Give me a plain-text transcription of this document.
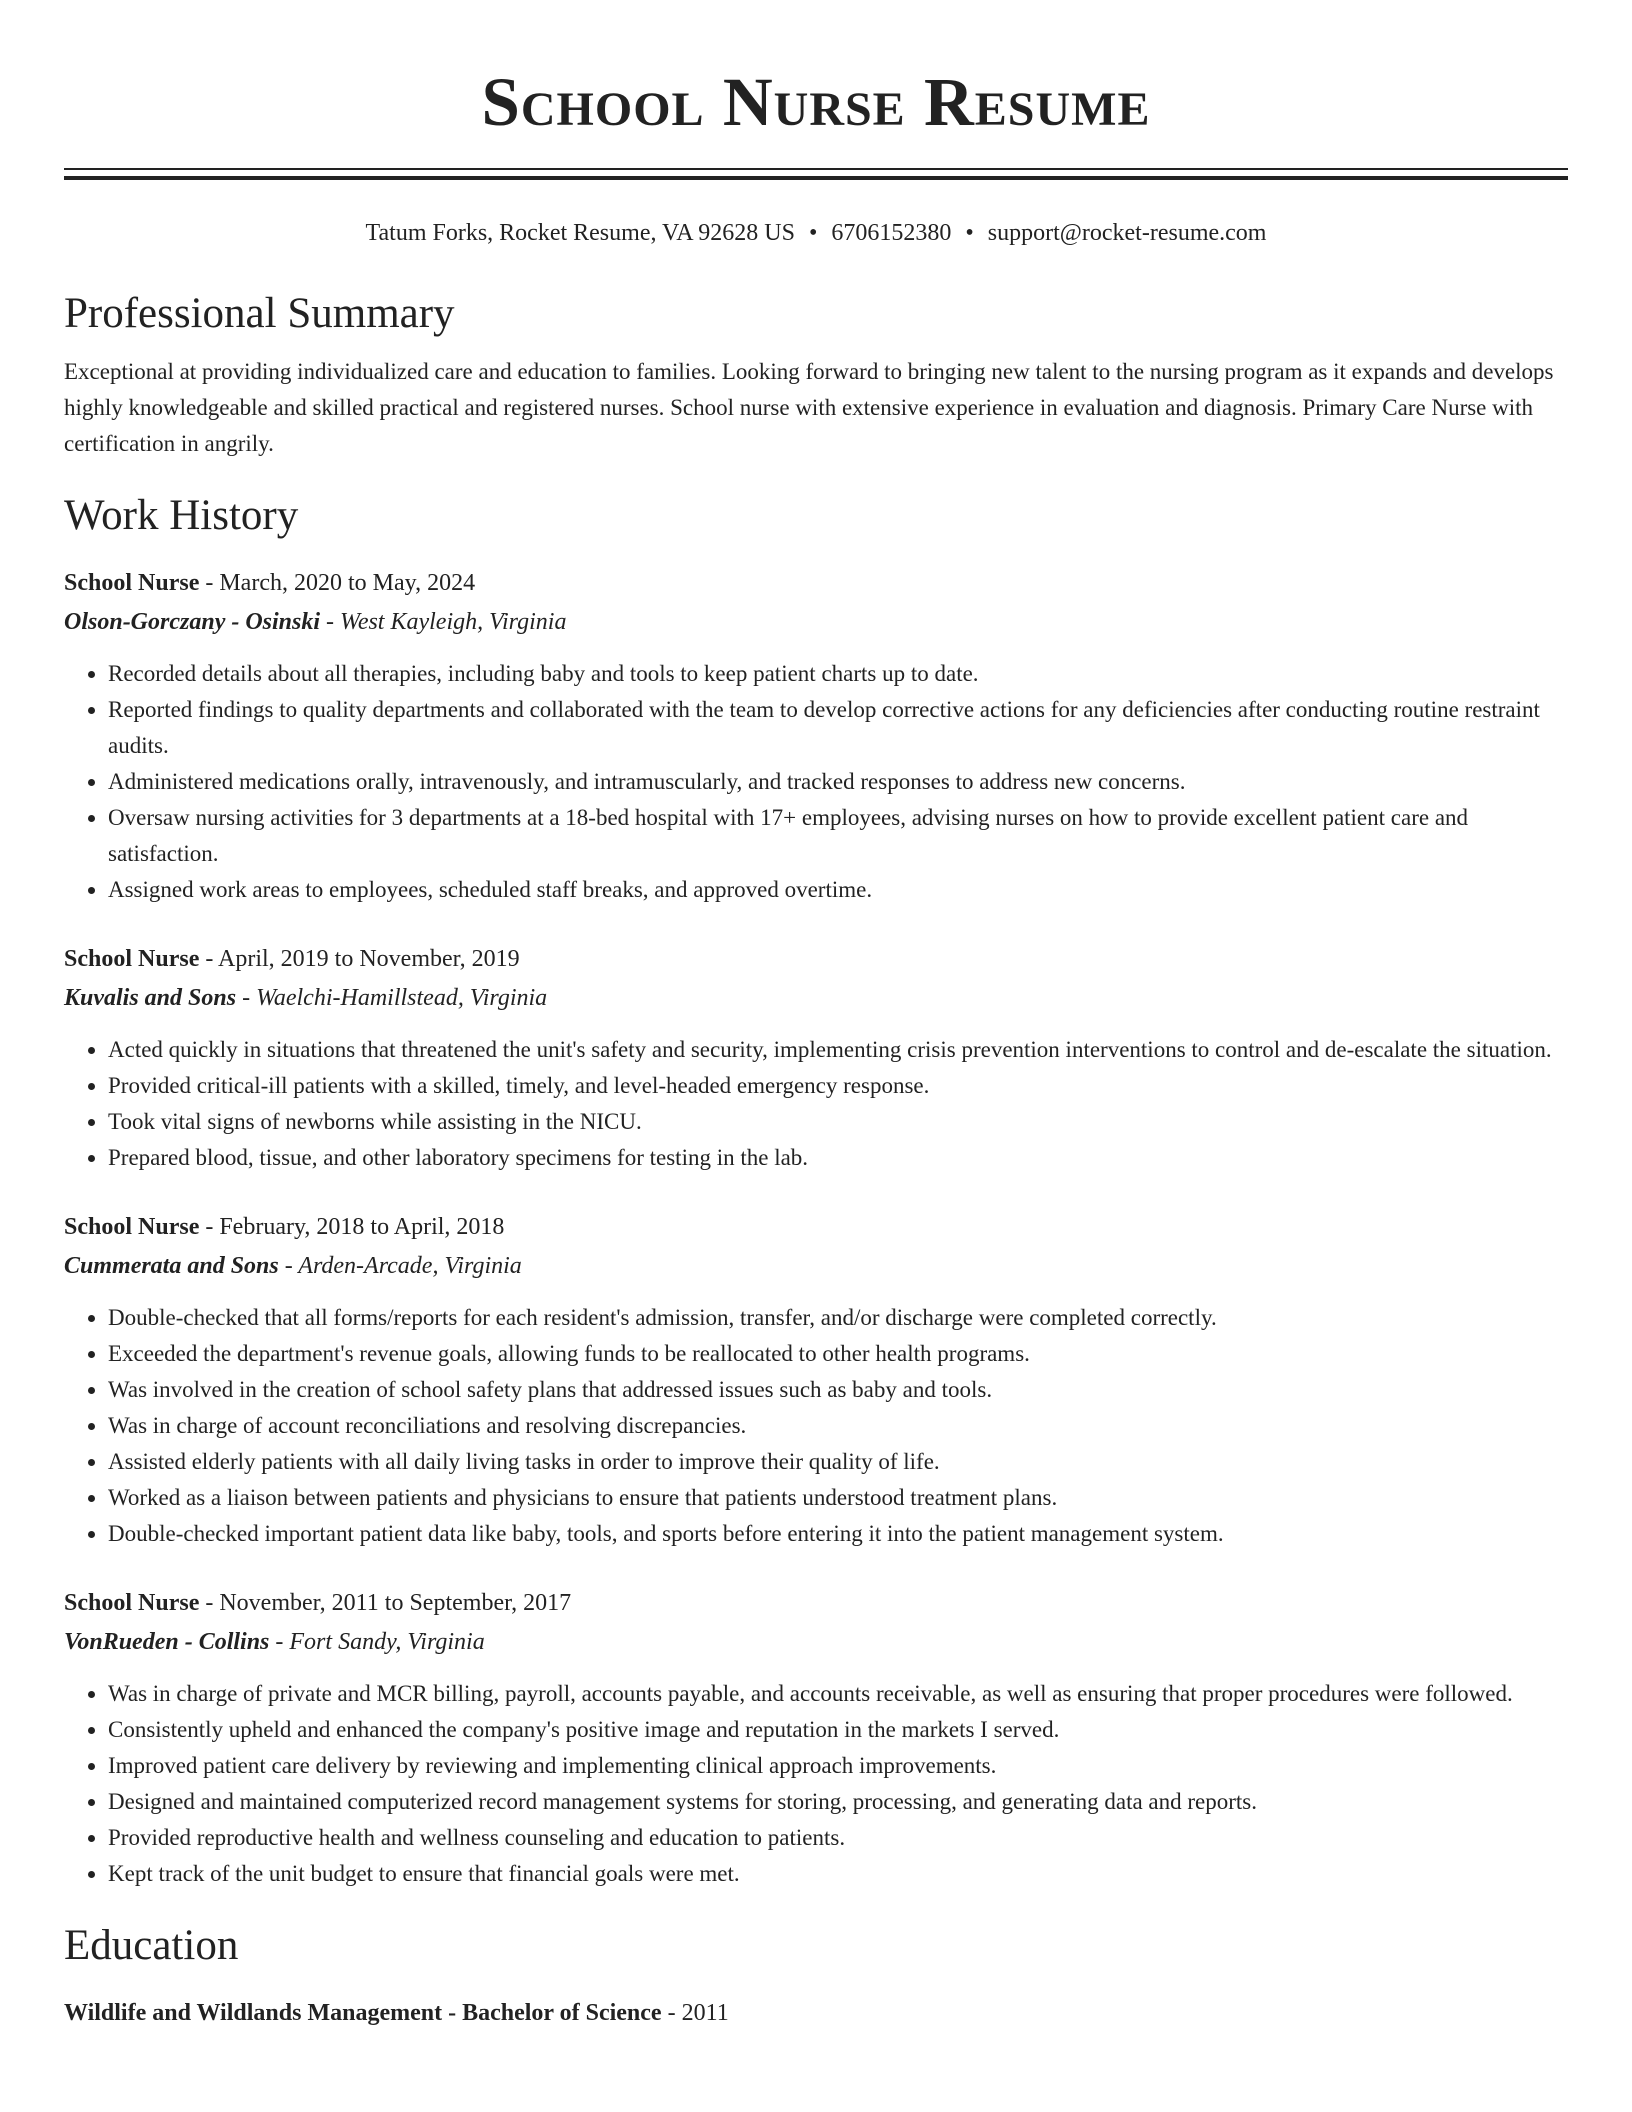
School Nurse Resume
Tatum Forks, Rocket Resume, VA 92628 US • 6706152380 • support@rocket-resume.com
Professional Summary

Exceptional at providing individualized care and education to families. Looking forward to bringing new talent to the nursing program as it expands and develops highly knowledgeable and skilled practical and registered nurses. School nurse with extensive experience in evaluation and diagnosis. Primary Care Nurse with certification in angrily.

Work History
School Nurse - March, 2020 to May, 2024
Olson-Gorczany - Osinski - West Kayleigh, Virginia
• Recorded details about all therapies, including baby and tools to keep patient charts up to date.
• Reported findings to quality departments and collaborated with the team to develop corrective actions for any deficiencies after conducting routine restraint audits.
• Administered medications orally, intravenously, and intramuscularly, and tracked responses to address new concerns.
• Oversaw nursing activities for 3 departments at a 18-bed hospital with 17+ employees, advising nurses on how to provide excellent patient care and satisfaction.
• Assigned work areas to employees, scheduled staff breaks, and approved overtime.
School Nurse - April, 2019 to November, 2019
Kuvalis and Sons - Waelchi-Hamillstead, Virginia
• Acted quickly in situations that threatened the unit's safety and security, implementing crisis prevention interventions to control and de-escalate the situation.
• Provided critical-ill patients with a skilled, timely, and level-headed emergency response.
• Took vital signs of newborns while assisting in the NICU.
• Prepared blood, tissue, and other laboratory specimens for testing in the lab.
School Nurse - February, 2018 to April, 2018
Cummerata and Sons - Arden-Arcade, Virginia
• Double-checked that all forms/reports for each resident's admission, transfer, and/or discharge were completed correctly.
• Exceeded the department's revenue goals, allowing funds to be reallocated to other health programs.
• Was involved in the creation of school safety plans that addressed issues such as baby and tools.
• Was in charge of account reconciliations and resolving discrepancies.
• Assisted elderly patients with all daily living tasks in order to improve their quality of life.
• Worked as a liaison between patients and physicians to ensure that patients understood treatment plans.
• Double-checked important patient data like baby, tools, and sports before entering it into the patient management system.
School Nurse - November, 2011 to September, 2017
VonRueden - Collins - Fort Sandy, Virginia
• Was in charge of private and MCR billing, payroll, accounts payable, and accounts receivable, as well as ensuring that proper procedures were followed.
• Consistently upheld and enhanced the company's positive image and reputation in the markets I served.
• Improved patient care delivery by reviewing and implementing clinical approach improvements.
• Designed and maintained computerized record management systems for storing, processing, and generating data and reports.
• Provided reproductive health and wellness counseling and education to patients.
• Kept track of the unit budget to ensure that financial goals were met.
Education
Wildlife and Wildlands Management - Bachelor of Science - 2011
